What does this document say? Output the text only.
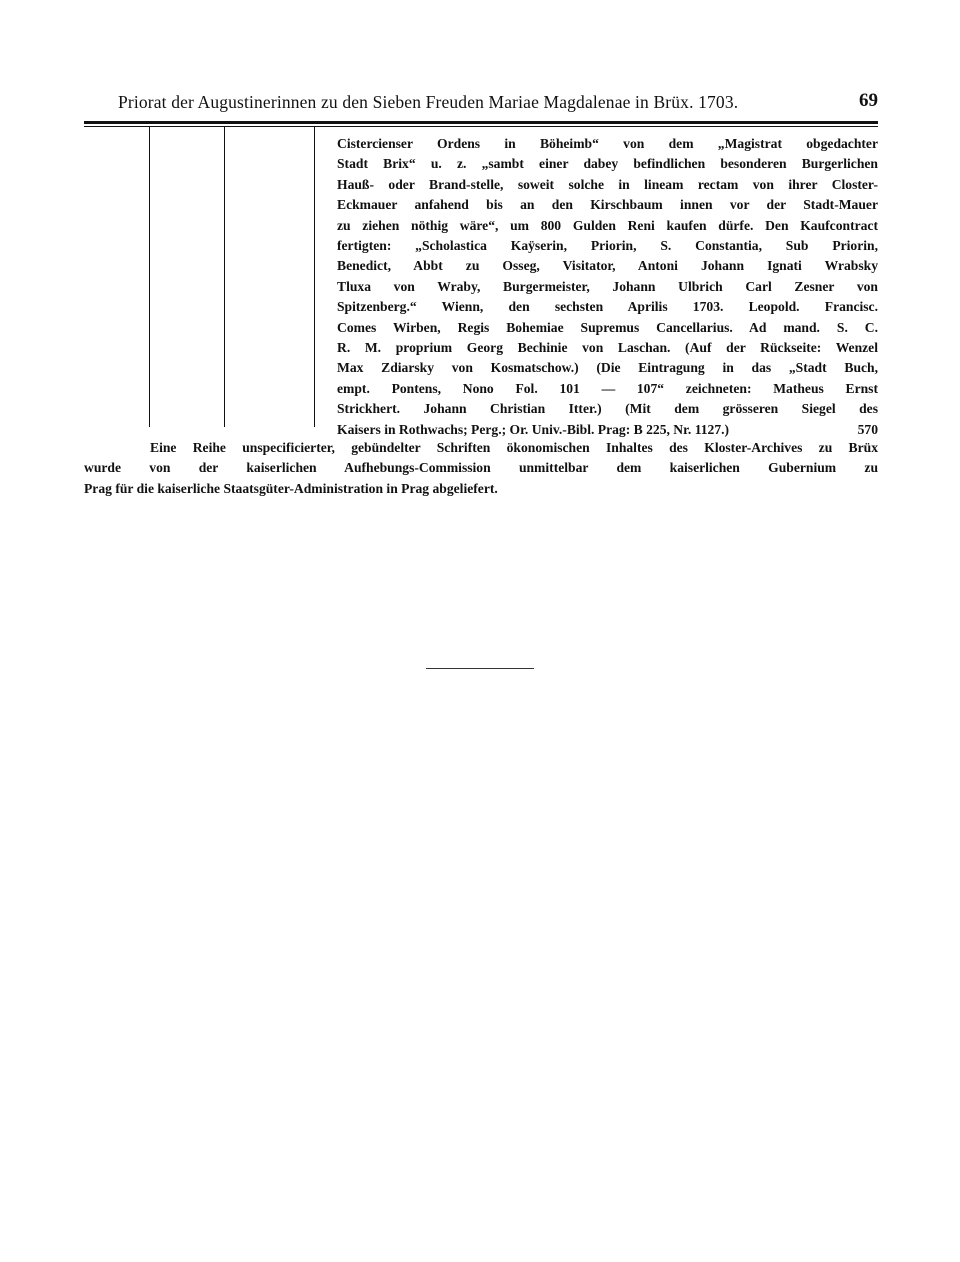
Priorat der Augustinerinnen zu den Sieben Freuden Mariae Magdalenae in Brüx. 1703.	69
Cistercienser Ordens in Böheimb“ von dem „Magistrat obgedachter
Stadt Brix“ u. z. „sambt einer dabey befindlichen besonderen Burgerlichen
Hauß- oder Brand-stelle, soweit solche in lineam rectam von ihrer Closter-
Eckmauer anfahend bis an den Kirschbaum innen vor der Stadt-Mauer
zu ziehen nöthig wäre“, um 800 Gulden Reni kaufen dürfe. Den Kaufcontract
fertigten: „Scholastica Kaÿserin, Priorin, S. Constantia, Sub Priorin,
Benedict, Abbt zu Osseg, Visitator, Antoni Johann Ignati Wrabsky
Tluxa von Wraby, Burgermeister, Johann Ulbrich Carl Zesner von
Spitzenberg.“ Wienn, den sechsten Aprilis 1703. Leopold. Francisc.
Comes Wirben, Regis Bohemiae Supremus Cancellarius. Ad mand. S. C.
R. M. proprium Georg Bechinie von Laschan. (Auf der Rückseite: Wenzel
Max Zdiarsky von Kosmatschow.) (Die Eintragung in das „Stadt Buch,
empt. Pontens, Nono Fol. 101 — 107“ zeichneten: Matheus Ernst
Strickhert. Johann Christian Itter.) (Mit dem grösseren Siegel des
Kaisers in Rothwachs; Perg.; Or. Univ.-Bibl. Prag: B 225, Nr. 1127.)	570
Eine Reihe unspecificierter, gebündelter Schriften ökonomischen Inhaltes des Kloster-Archives zu Brüx
wurde von der kaiserlichen Aufhebungs-Commission unmittelbar dem kaiserlichen Gubernium zu
Prag für die kaiserliche Staatsgüter-Administration in Prag abgeliefert.
